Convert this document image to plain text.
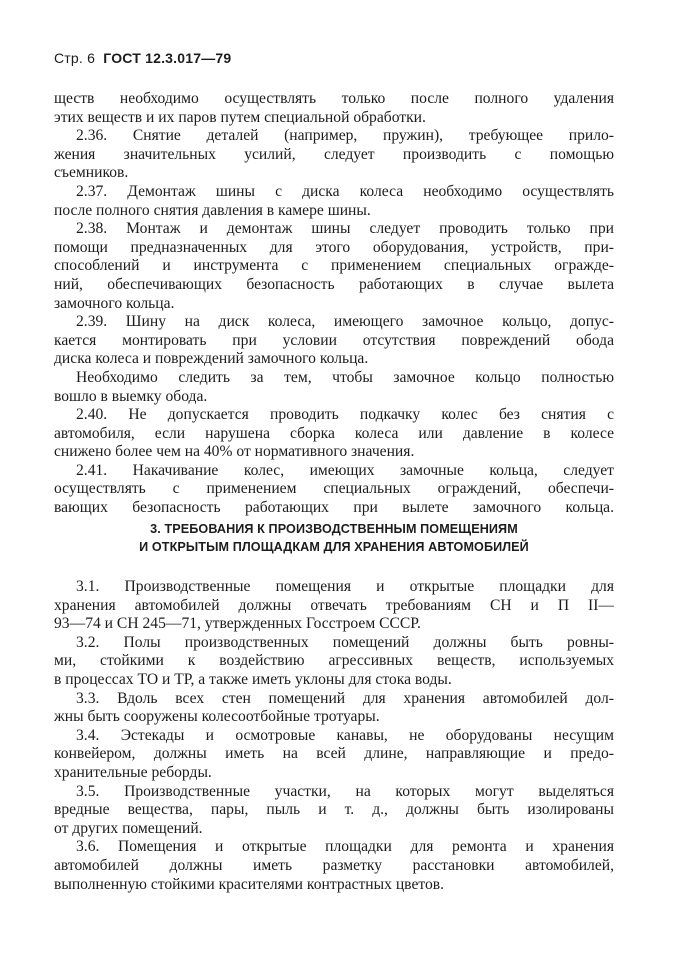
Стр. 6 ГОСТ 12.3.017—79
ществ необходимо осуществлять только после полного удаления
этих веществ и их паров путем специальной обработки.
2.36. Снятие деталей (например, пружин), требующее прило-
жения значительных усилий, следует производить с помощью
съемников.
2.37. Демонтаж шины с диска колеса необходимо осуществлять
после полного снятия давления в камере шины.
2.38. Монтаж и демонтаж шины следует проводить только при
помощи предназначенных для этого оборудования, устройств, при-
способлений и инструмента с применением специальных огражде-
ний, обеспечивающих безопасность работающих в случае вылета
замочного кольца.
2.39. Шину на диск колеса, имеющего замочное кольцо, допус-
кается монтировать при условии отсутствия повреждений обода
диска колеса и повреждений замочного кольца.
Необходимо следить за тем, чтобы замочное кольцо полностью
вошло в выемку обода.
2.40. Не допускается проводить подкачку колес без снятия с
автомобиля, если нарушена сборка колеса или давление в колесе
снижено более чем на 40% от нормативного значения.
2.41. Накачивание колес, имеющих замочные кольца, следует
осуществлять с применением специальных ограждений, обеспечи-
вающих безопасность работающих при вылете замочного кольца.
3. ТРЕБОВАНИЯ К ПРОИЗВОДСТВЕННЫМ ПОМЕЩЕНИЯМ
И ОТКРЫТЫМ ПЛОЩАДКАМ ДЛЯ ХРАНЕНИЯ АВТОМОБИЛЕЙ
3.1. Производственные помещения и открытые площадки для
хранения автомобилей должны отвечать требованиям СН и П II—
93—74 и СН 245—71, утвержденных Госстроем СССР.
3.2. Полы производственных помещений должны быть ровны-
ми, стойкими к воздействию агрессивных веществ, используемых
в процессах ТО и ТР, а также иметь уклоны для стока воды.
3.3. Вдоль всех стен помещений для хранения автомобилей дол-
жны быть сооружены колесоотбойные тротуары.
3.4. Эстекады и осмотровые канавы, не оборудованы несущим
конвейером, должны иметь на всей длине, направляющие и предо-
хранительные реборды.
3.5. Производственные участки, на которых могут выделяться
вредные вещества, пары, пыль и т. д., должны быть изолированы
от других помещений.
3.6. Помещения и открытые площадки для ремонта и хранения
автомобилей должны иметь разметку расстановки автомобилей,
выполненную стойкими красителями контрастных цветов.
